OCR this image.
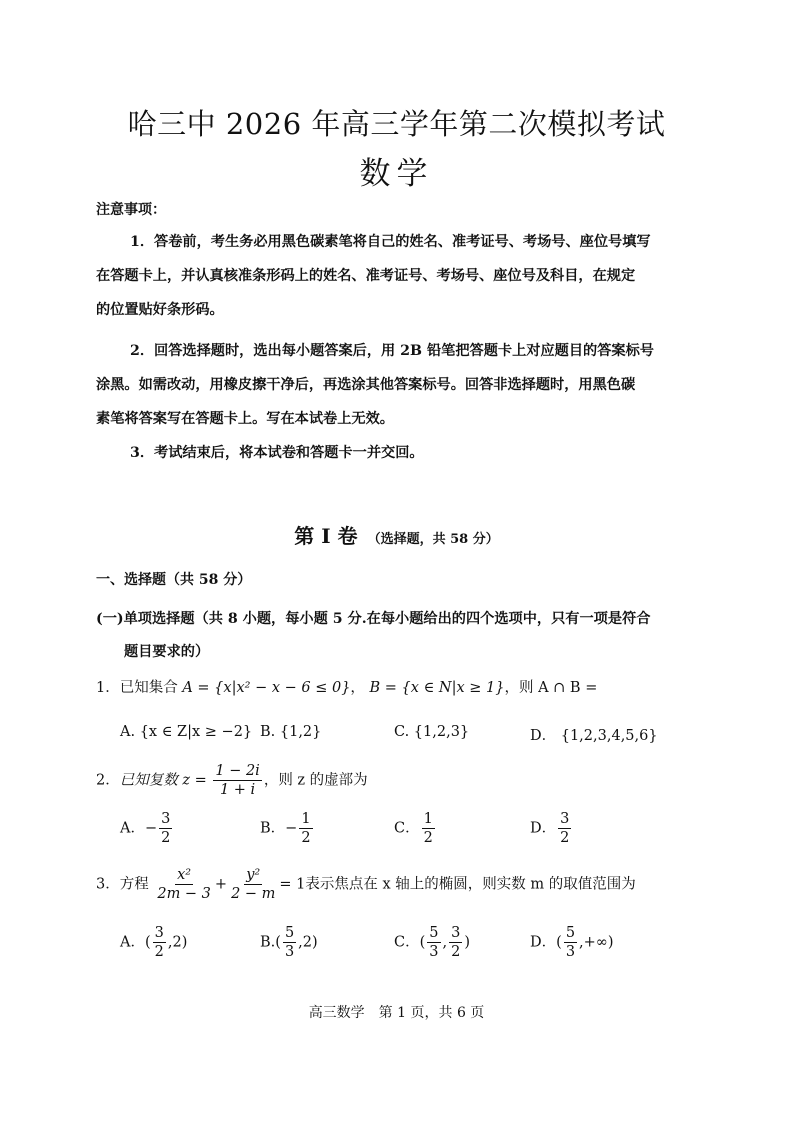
哈三中 2026 年高三学年第二次模拟考试
数学
注意事项：
1．答卷前，考生务必用黑色碳素笔将自己的姓名、准考证号、考场号、座位号填写
在答题卡上，并认真核准条形码上的姓名、准考证号、考场号、座位号及科目，在规定
的位置贴好条形码。
2．回答选择题时，选出每小题答案后，用 2B 铅笔把答题卡上对应题目的答案标号
涂黑。如需改动，用橡皮擦干净后，再选涂其他答案标号。回答非选择题时，用黑色碳
素笔将答案写在答题卡上。写在本试卷上无效。
3．考试结束后，将本试卷和答题卡一并交回。
第 I 卷 （选择题，共 58 分）
一、选择题（共 58 分）
(一)单项选择题（共 8 小题，每小题 5 分.在每小题给出的四个选项中，只有一项是符合
题目要求的）
1．已知集合 A = {x|x² − x − 6 ≤ 0}， B = {x ∈ N|x ≥ 1}，则 A ∩ B =
A. {x ∈ Z|x ≥ −2} B. {1,2}	C. {1,2,3}	D． {1,2,3,4,5,6}
2．已知复数 $z = \frac{1 - 2i}{1 + i}$ ，则 z 的虚部为
A．− $\frac{3}{2}$	B．− $\frac{1}{2}$	C． $\frac{1}{2}$	D． $\frac{3}{2}$
3．方程 $\frac{\text{x²}}{2m - 3} + \frac{\text{y²}}{2 - m} = 1$表示焦点在 x 轴上的椭圆，则实数 m 的取值范围为
A．( $\frac{3}{2} ,2$)	$B.( \frac{5}{3} ,2)$	C．( $\frac{5}{3}$ , $\frac{3}{2}$ )	D．( $\frac{5}{3}$ ,+∞)
高三数学　第 1 页，共 6 页
